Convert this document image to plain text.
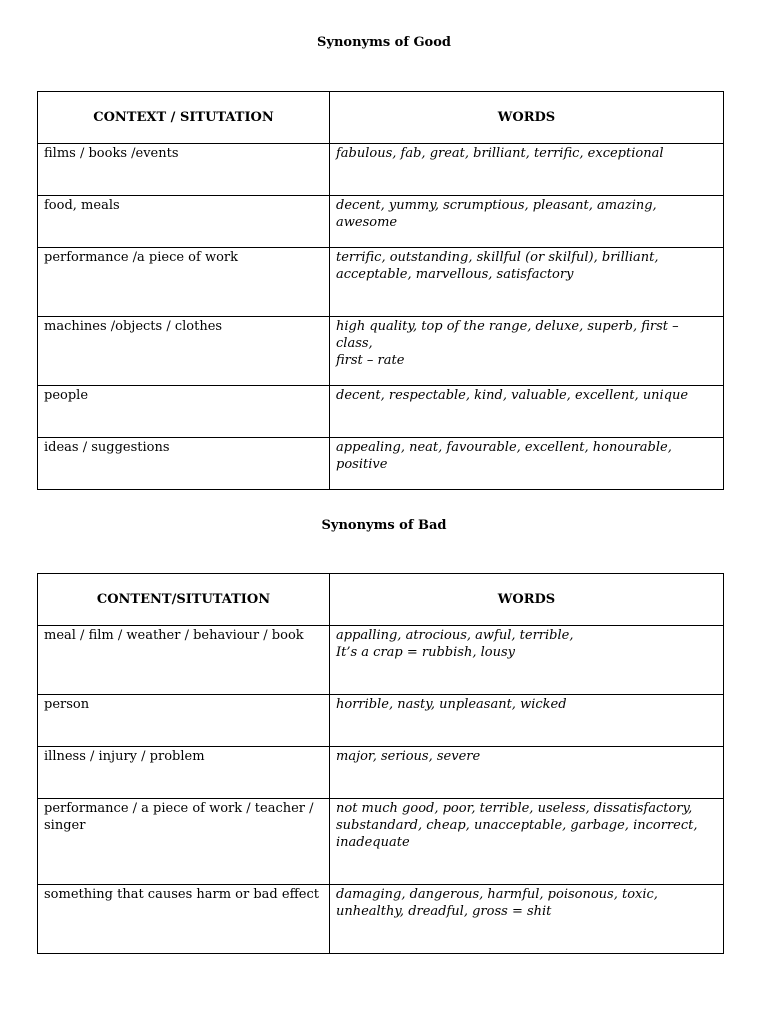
Synonyms of Good
CONTEXT / SITUTATION	WORDS
films / books /events	fabulous, fab, great, brilliant, terrific, exceptional

food, meals	decent, yummy, scrumptious, pleasant, amazing, awesome

performance /a piece of work	terrific, outstanding, skillful (or skilful), brilliant,
acceptable, marvellous, satisfactory

machines /objects / clothes	high quality, top of the range, deluxe, superb, first – class,
first – rate

people	decent, respectable, kind, valuable, excellent, unique

ideas / suggestions	appealing, neat, favourable, excellent, honourable, positive
Synonyms of Bad
CONTENT/SITUTATION	WORDS

meal / film / weather / behaviour / book	appalling, atrocious, awful, terrible,
It’s a crap = rubbish, lousy

person	horrible, nasty, unpleasant, wicked

illness / injury / problem	major, serious, severe

performance / a piece of work / teacher /
singer	not much good, poor, terrible, useless, dissatisfactory,
substandard, cheap, unacceptable, garbage, incorrect,
inadequate

something that causes harm or bad effect	damaging, dangerous, harmful, poisonous, toxic,
unhealthy, dreadful, gross = shit
